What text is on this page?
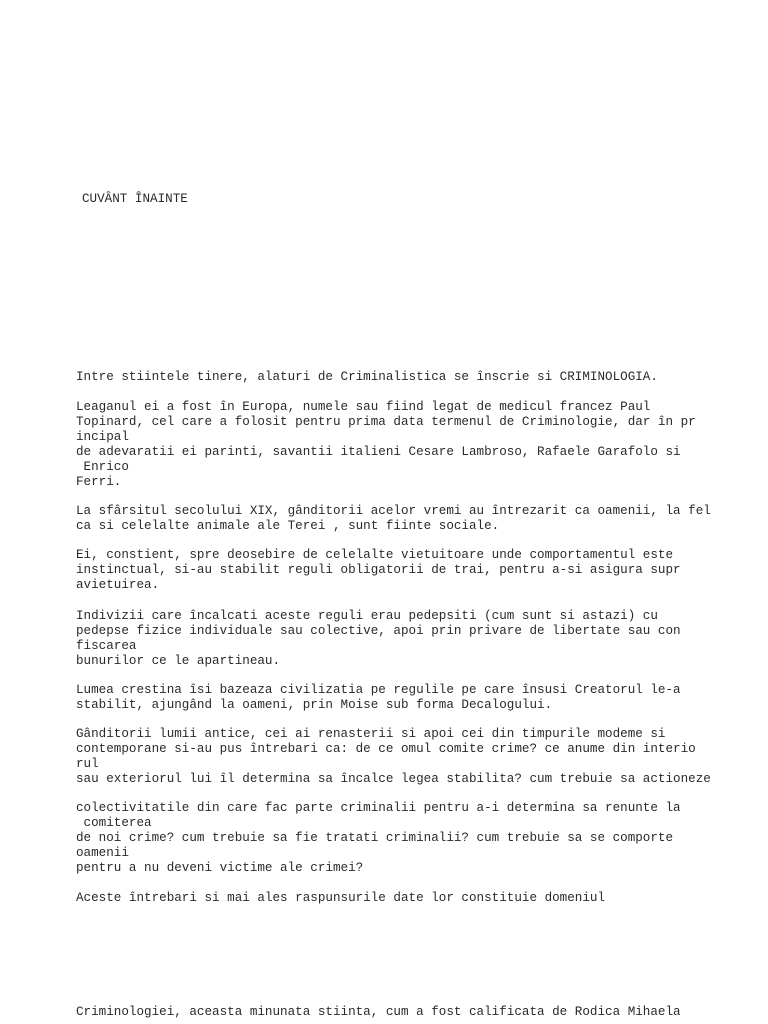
CUVÂNT ÎNAINTE

Intre stiintele tinere, alaturi de Criminalistica se înscrie si CRIMINOLOGIA.

Leaganul ei a fost în Europa, numele sau fiind legat de medicul francez Paul
Topinard, cel care a folosit pentru prima data termenul de Criminologie, dar în pr
incipal
de adevaratii ei parinti, savantii italieni Cesare Lambroso, Rafaele Garafolo si
Enrico
Ferri.

La sfârsitul secolului XIX, gânditorii acelor vremi au întrezarit ca oamenii, la fel
ca si celelalte animale ale Terei , sunt fiinte sociale.

Ei, constient, spre deosebire de celelalte vietuitoare unde comportamentul este
instinctual, si-au stabilit reguli obligatorii de trai, pentru a-si asigura supr
avietuirea.

Indivizii care încalcati aceste reguli erau pedepsiti (cum sunt si astazi) cu
pedepse fizice individuale sau colective, apoi prin privare de libertate sau con
fiscarea
bunurilor ce le apartineau.

Lumea crestina îsi bazeaza civilizatia pe regulile pe care însusi Creatorul le-a
stabilit, ajungând la oameni, prin Moise sub forma Decalogului.

Gânditorii lumii antice, cei ai renasterii si apoi cei din timpurile modeme si
contemporane si-au pus întrebari ca: de ce omul comite crime? ce anume din interio
rul
sau exteriorul lui îl determina sa încalce legea stabilita? cum trebuie sa actioneze

colectivitatile din care fac parte criminalii pentru a-i determina sa renunte la
comiterea
de noi crime? cum trebuie sa fie tratati criminalii? cum trebuie sa se comporte
oamenii
pentru a nu deveni victime ale crimei?

Aceste întrebari si mai ales raspunsurile date lor constituie domeniul

Criminologiei, aceasta minunata stiinta, cum a fost calificata de Rodica Mihaela
